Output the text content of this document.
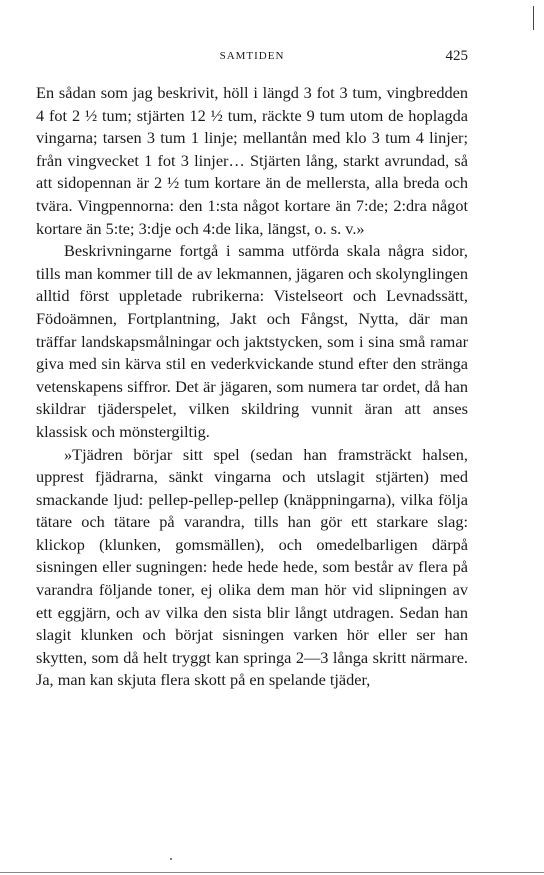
SAMTIDEN	425

En sådan som jag beskrivit, höll i längd 3 fot 3 tum, vingbredden 4 fot 2 ½ tum; stjärten 12 ½ tum, räckte 9 tum utom de hoplagda vingarna; tarsen 3 tum 1 linje; mellantån med klo 3 tum 4 linjer; från vingvecket 1 fot 3 linjer… Stjärten lång, starkt avrundad, så att sidopennan är 2 ½ tum kortare än de mellersta, alla breda och tvära. Vingpennorna: den 1:sta något kortare än 7:de; 2:dra något kortare än 5:te; 3:dje och 4:de lika, längst, o. s. v.»

Beskrivningarne fortgå i samma utförda skala några sidor, tills man kommer till de av lekmannen, jägaren och skolynglingen alltid först uppletade rubrikerna: Vistelseort och Levnadssätt, Födoämnen, Fortplantning, Jakt och Fångst, Nytta, där man träffar landskapsmålningar och jaktstycken, som i sina små ramar giva med sin kärva stil en vederkvickande stund efter den stränga vetenskapens siffror. Det är jägaren, som numera tar ordet, då han skildrar tjäderspelet, vilken skildring vunnit äran att anses klassisk och mönstergiltig.

»Tjädren börjar sitt spel (sedan han framsträckt halsen, upprest fjädrarna, sänkt vingarna och utslagit stjärten) med smackande ljud: pellep-pellep-pellep (knäppningarna), vilka följa tätare och tätare på varandra, tills han gör ett starkare slag: klickop (klunken, gomsmällen), och omedelbarligen därpå sisningen eller sugningen: hede hede hede, som består av flera på varandra följande toner, ej olika dem man hör vid slipningen av ett eggjärn, och av vilka den sista blir långt utdragen. Sedan han slagit klunken och börjat sisningen varken hör eller ser han skytten, som då helt tryggt kan springa 2—3 långa skritt närmare. Ja, man kan skjuta flera skott på en spelande tjäder,
